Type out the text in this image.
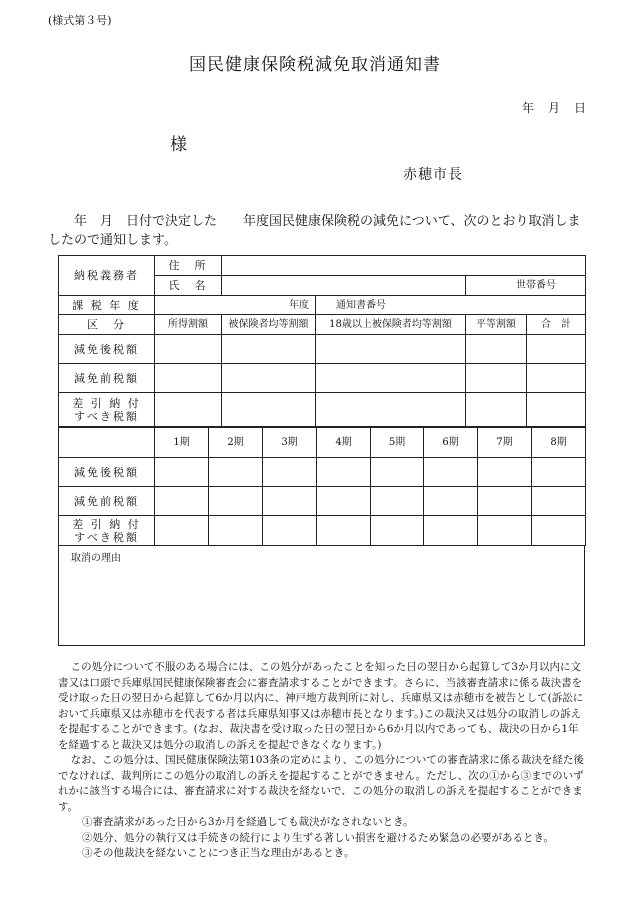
(様式第３号)
国民健康保険税減免取消通知書
年 月 日
様
赤穂市長
　　年　月　日付で決定した　　年度国民健康保険税の減免について、次のとおり取消しましたので通知します。
納税義務者	住　所				
	氏　名			世帯番号	
課 税 年 度	年度		通知書番号		
区　分	所得割額	被保険者均等割額	18歳以上被保険者均等割額	平等割額	合　計
減免後税額					
減免前税額					
差 引 納 付
すべき税額					
	1期	2期	3期	4期	5期	6期	7期	8期
減免後税額								
減免前税額								
差 引 納 付
すべき税額								
取消の理由

この処分について不服のある場合には、この処分があったことを知った日の翌日から起算して3か月以内に文書又は口頭で兵庫県国民健康保険審査会に審査請求することができます。さらに、当該審査請求に係る裁決書を受け取った日の翌日から起算して6か月以内に、神戸地方裁判所に対し、兵庫県又は赤穂市を被告として(訴訟において兵庫県又は赤穂市を代表する者は兵庫県知事又は赤穂市長となります。)この裁決又は処分の取消しの訴えを提起することができます。(なお、裁決書を受け取った日の翌日から6か月以内であっても、裁決の日から1年を経過すると裁決又は処分の取消しの訴えを提起できなくなります。)

なお、この処分は、国民健康保険法第103条の定めにより、この処分についての審査請求に係る裁決を経た後でなければ、裁判所にこの処分の取消しの訴えを提起することができません。ただし、次の①から③までのいずれかに該当する場合には、審査請求に対する裁決を経ないで、この処分の取消しの訴えを提起することができます。

①審査請求があった日から3か月を経過しても裁決がなされないとき。

②処分、処分の執行又は手続きの続行により生ずる著しい損害を避けるため緊急の必要があるとき。

③その他裁決を経ないことにつき正当な理由があるとき。
